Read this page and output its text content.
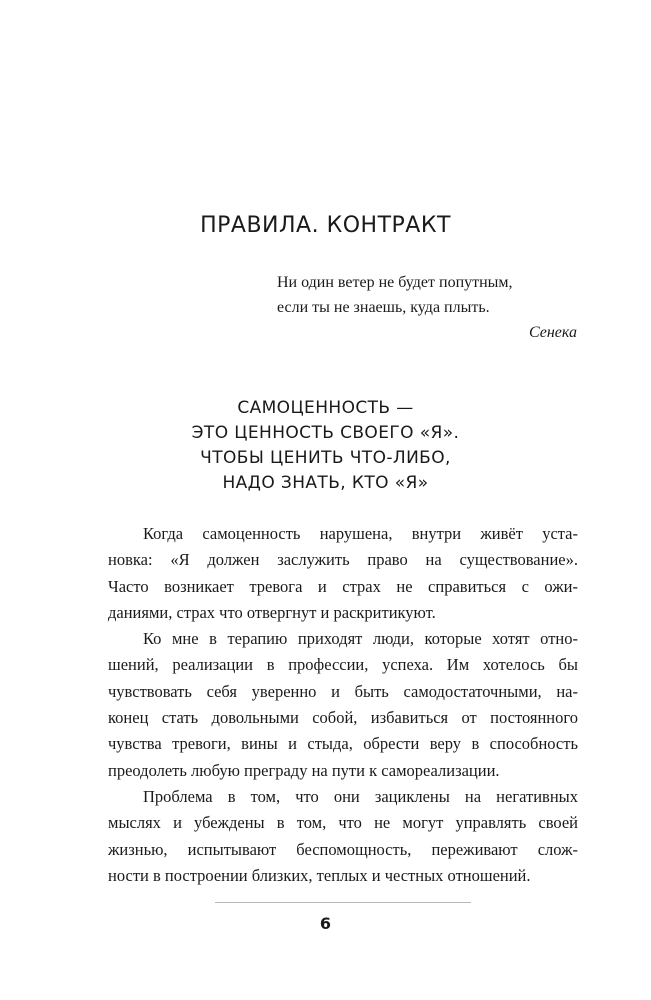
ПРАВИЛА. КОНТРАКТ
Ни один ветер не будет попутным,
если ты не знаешь, куда плыть.
Сенека
САМОЦЕННОСТЬ —
ЭТО ЦЕННОСТЬ СВОЕГО «Я».
ЧТОБЫ ЦЕНИТЬ ЧТО-ЛИБО,
НАДО ЗНАТЬ, КТО «Я»

Когда самоценность нарушена, внутри живёт уста-
новка: «Я должен заслужить право на существование».
Часто возникает тревога и страх не справиться с ожи-
даниями, страх что отвергнут и раскритикуют.

Ко мне в терапию приходят люди, которые хотят отно-
шений, реализации в профессии, успеха. Им хотелось бы
чувствовать себя уверенно и быть самодостаточными, на-
конец стать довольными собой, избавиться от постоянного
чувства тревоги, вины и стыда, обрести веру в способность
преодолеть любую преграду на пути к самореализации.

Проблема в том, что они зациклены на негативных
мыслях и убеждены в том, что не могут управлять своей
жизнью, испытывают беспомощность, переживают слож-
ности в построении близких, теплых и честных отношений.

6
